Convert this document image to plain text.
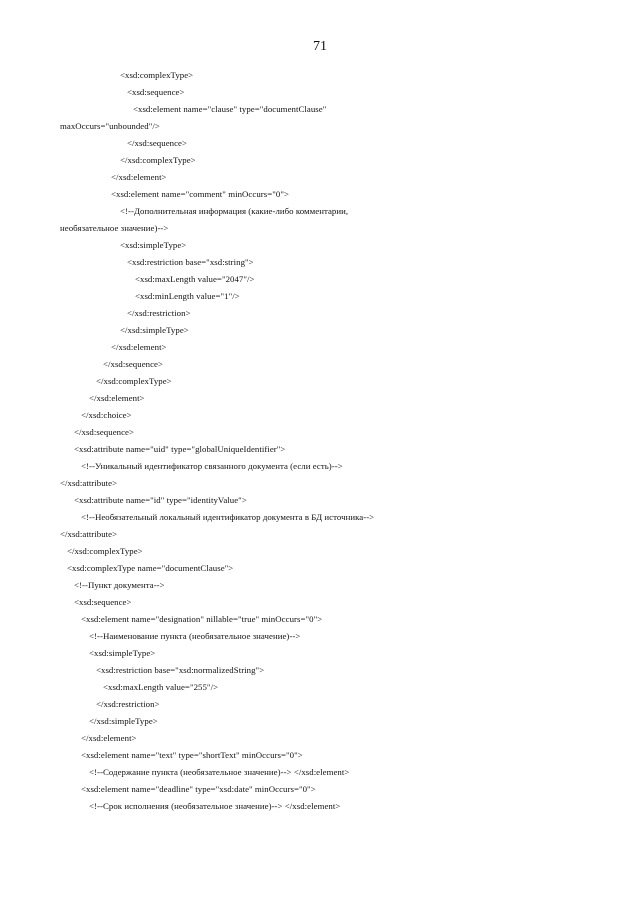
71
<xsd:complexType>
<xsd:sequence>
<xsd:element name="clause" type="documentClause"
maxOccurs="unbounded"/>
</xsd:sequence>
</xsd:complexType>
</xsd:element>
<xsd:element name="comment" minOccurs="0">
<!--Дополнительная информация (какие-либо комментарии,
необязательное значение)-->
<xsd:simpleType>
<xsd:restriction base="xsd:string">
<xsd:maxLength value="2047"/>
<xsd:minLength value="1"/>
</xsd:restriction>
</xsd:simpleType>
</xsd:element>
</xsd:sequence>
</xsd:complexType>
</xsd:element>
</xsd:choice>
</xsd:sequence>
<xsd:attribute name="uid" type="globalUniqueIdentifier">
<!--Уникальный идентификатор связанного документа (если есть)-->
</xsd:attribute>
<xsd:attribute name="id" type="identityValue">
<!--Необязательный локальный идентификатор документа в БД источника-->
</xsd:attribute>
</xsd:complexType>
<xsd:complexType name="documentClause">
<!--Пункт документа-->
<xsd:sequence>
<xsd:element name="designation" nillable="true" minOccurs="0">
<!--Наименование пункта (необязательное значение)-->
<xsd:simpleType>
<xsd:restriction base="xsd:normalizedString">
<xsd:maxLength value="255"/>
</xsd:restriction>
</xsd:simpleType>
</xsd:element>
<xsd:element name="text" type="shortText" minOccurs="0">
<!--Содержание пункта (необязательное значение)--> </xsd:element>
<xsd:element name="deadline" type="xsd:date" minOccurs="0">
<!--Срок исполнения (необязательное значение)--> </xsd:element>
